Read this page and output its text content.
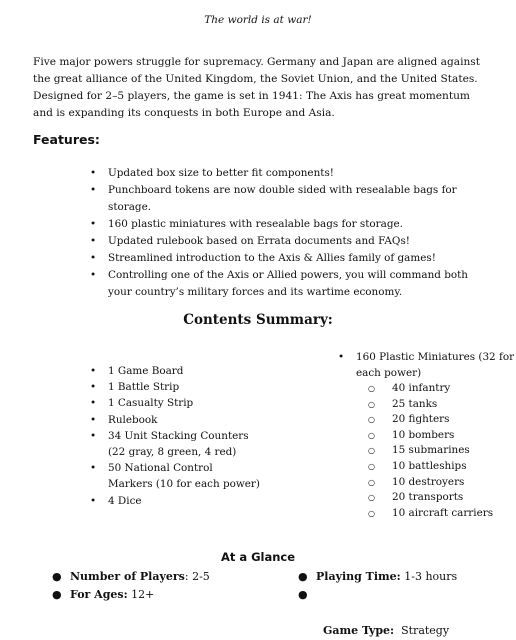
The world is at war!
Five major powers struggle for supremacy. Germany and Japan are aligned against the great alliance of the United Kingdom, the Soviet Union, and the United States. Designed for 2–5 players, the game is set in 1941: The Axis has great momentum and is expanding its conquests in both Europe and Asia.
Features:
• Updated box size to better fit components!
• Punchboard tokens are now double sided with resealable bags for storage.
• 160 plastic miniatures with resealable bags for storage.
• Updated rulebook based on Errata documents and FAQs!
• Streamlined introduction to the Axis & Allies family of games!
• Controlling one of the Axis or Allied powers, you will command both your country’s military forces and its wartime economy.
Contents Summary:
• 1 Game Board
• 1 Battle Strip
• 1 Casualty Strip
• Rulebook
• 34 Unit Stacking Counters (22 gray, 8 green, 4 red)
• 50 National Control Markers (10 for each power)
• 4 Dice
• 160 Plastic Miniatures (32 for each power)
○ 40 infantry
○ 25 tanks
○ 20 fighters
○ 10 bombers
○ 15 submarines
○ 10 battleships
○ 10 destroyers
○ 20 transports
○ 10 aircraft carriers
At a Glance
● Number of Players: 2-5
● For Ages: 12+
● Playing Time: 1-3 hours

●

Game Type:  Strategy
